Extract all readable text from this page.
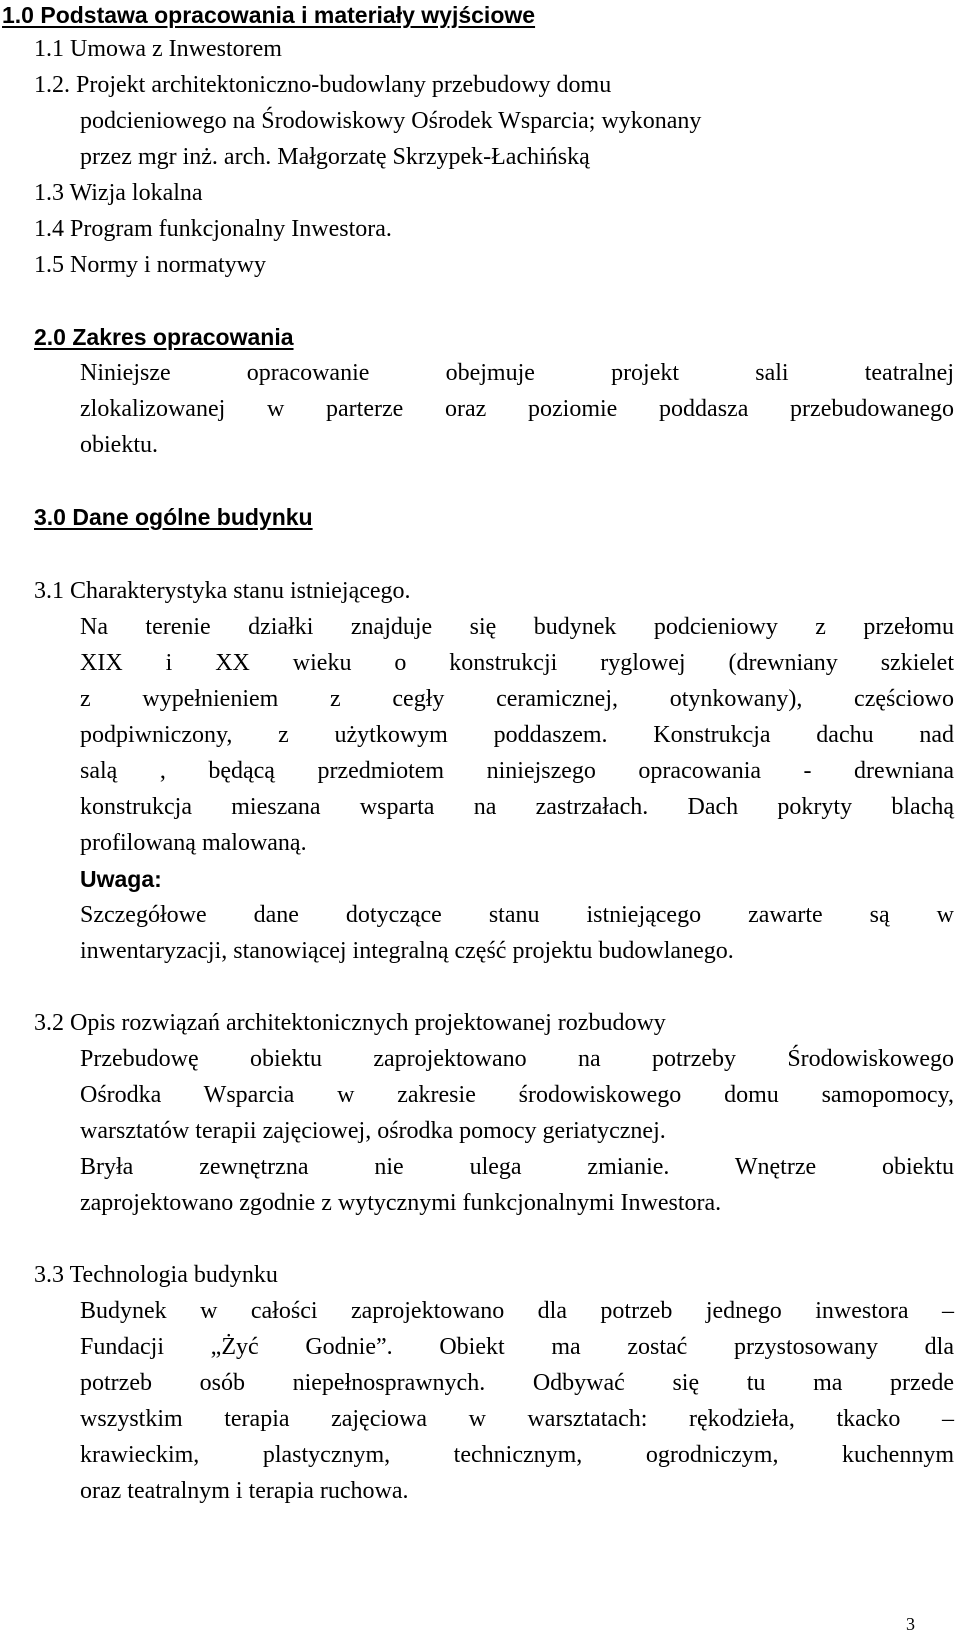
1.0 Podstawa opracowania i materiały wyjściowe
1.1 Umowa z Inwestorem
1.2. Projekt architektoniczno-budowlany przebudowy domu
podcieniowego na Środowiskowy Ośrodek Wsparcia; wykonany
przez mgr inż. arch. Małgorzatę Skrzypek-Łachińską
1.3 Wizja lokalna
1.4 Program funkcjonalny Inwestora.
1.5 Normy i normatywy
2.0 Zakres opracowania
Niniejsze opracowanie obejmuje projekt sali teatralnej
zlokalizowanej w parterze oraz poziomie poddasza przebudowanego
obiektu.
3.0 Dane ogólne budynku
3.1 Charakterystyka stanu istniejącego.
Na terenie działki znajduje się budynek podcieniowy z przełomu
XIX i XX wieku o konstrukcji ryglowej (drewniany szkielet
z wypełnieniem z cegły ceramicznej, otynkowany), częściowo
podpiwniczony, z użytkowym poddaszem. Konstrukcja dachu nad
salą , będącą przedmiotem niniejszego opracowania - drewniana
konstrukcja mieszana wsparta na zastrzałach. Dach pokryty blachą
profilowaną malowaną.
Uwaga:
Szczegółowe dane dotyczące stanu istniejącego zawarte są w
inwentaryzacji, stanowiącej integralną część projektu budowlanego.
3.2 Opis rozwiązań architektonicznych projektowanej rozbudowy
Przebudowę obiektu zaprojektowano na potrzeby Środowiskowego
Ośrodka Wsparcia w zakresie środowiskowego domu samopomocy,
warsztatów terapii zajęciowej, ośrodka pomocy geriatycznej.
Bryła zewnętrzna nie ulega zmianie. Wnętrze obiektu
zaprojektowano zgodnie z wytycznymi funkcjonalnymi Inwestora.
3.3 Technologia budynku
Budynek w całości zaprojektowano dla potrzeb jednego inwestora –
Fundacji „Żyć Godnie”. Obiekt ma zostać przystosowany dla
potrzeb osób niepełnosprawnych. Odbywać się tu ma przede
wszystkim terapia zajęciowa w warsztatach: rękodzieła, tkacko –
krawieckim, plastycznym, technicznym, ogrodniczym, kuchennym
oraz teatralnym i terapia ruchowa.
3
